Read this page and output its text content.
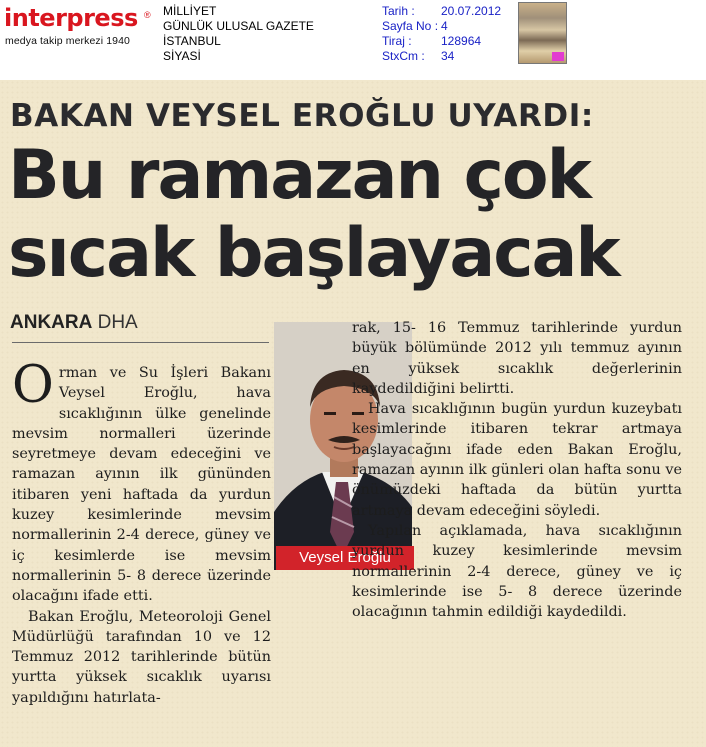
interpress ®
medya takip merkezi 1940
MİLLİYET
GÜNLÜK ULUSAL GAZETE
İSTANBUL
SİYASİ
Tarih : 20.07.2012
Sayfa No : 4
Tiraj : 128964
StxCm : 34
BAKAN VEYSEL EROĞLU UYARDI:
Bu ramazan çok
sıcak başlayacak
ANKARA DHA

Orman ve Su İşleri Bakanı Veysel Eroğlu, hava sıcaklığının ülke genelinde mevsim normalleri üzerinde seyretmeye devam edeceğini ve ramazan ayının ilk gününden itibaren yeni haftada da yurdun kuzey kesimlerinde mevsim normallerinin 2-4 derece, güney ve iç kesimlerde ise mevsim normallerinin 5- 8 derece üzerinde olacağını ifade etti.

Bakan Eroğlu, Meteoroloji Genel Müdürlüğü tarafından 10 ve 12 Temmuz 2012 tarihlerinde bütün yurtta yüksek sıcaklık uyarısı yapıldığını hatırlata-

Veysel Eroğlu

rak, 15- 16 Temmuz tarihlerinde yurdun büyük bölümünde 2012 yılı temmuz ayının en yüksek sıcaklık değerlerinin kaydedildiğini belirtti.

Hava sıcaklığının bugün yurdun kuzeybatı kesimlerinde itibaren tekrar artmaya başlayacağını ifade eden Bakan Eroğlu, ramazan ayının ilk günleri olan hafta sonu ve önümüzdeki haftada da bütün yurtta artmaya devam edeceğini söyledi.

Yapılan açıklamada, hava sıcaklığının yurdun kuzey kesimlerinde mevsim normallerinin 2-4 derece, güney ve iç kesimlerinde ise 5- 8 derece üzerinde olacağının tahmin edildiği kaydedildi.
